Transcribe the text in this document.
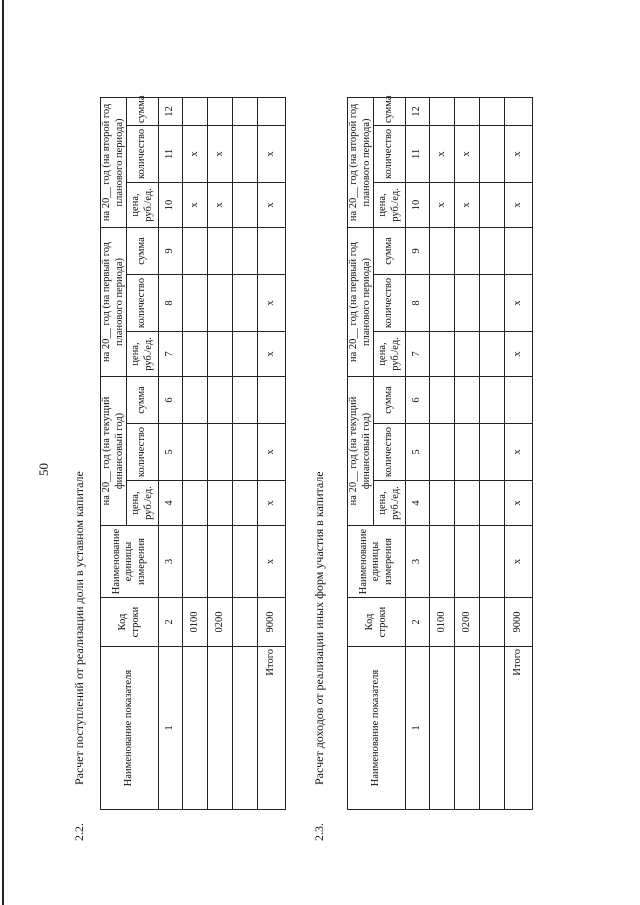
50
2.2.Расчет поступлений от реализации доли в уставном капитале	Наименование показателя	Код строки	Наименование единицы измерения	на 20__ год (на текущий финансовый год)			на 20__ год (на первый год планового периода)			на 20__ год (на второй год планового периода)		
			цена, руб./ед.	количество	сумма	цена, руб./ед.	количество	сумма	цена, руб./ед.	количество	сумма
1	2	3	4	5	6	7	8	9	10	11	12
	0100								x	x	
	0200								x	x	

Итого	9000	x	x	x		x	x		x	x	
2.3.Расчет доходов от реализации иных форм участия в капитале	Наименование показателя	Код строки	Наименование единицы измерения	на 20__ год (на текущий финансовый год)			на 20__ год (на первый год планового периода)			на 20__ год (на второй год планового периода)		
			цена, руб./ед.	количество	сумма	цена, руб./ед.	количество	сумма	цена, руб./ед.	количество	сумма
1	2	3	4	5	6	7	8	9	10	11	12
	0100								x	x	
	0200								x	x	

Итого	9000	x	x	x		x	x		x	x	
